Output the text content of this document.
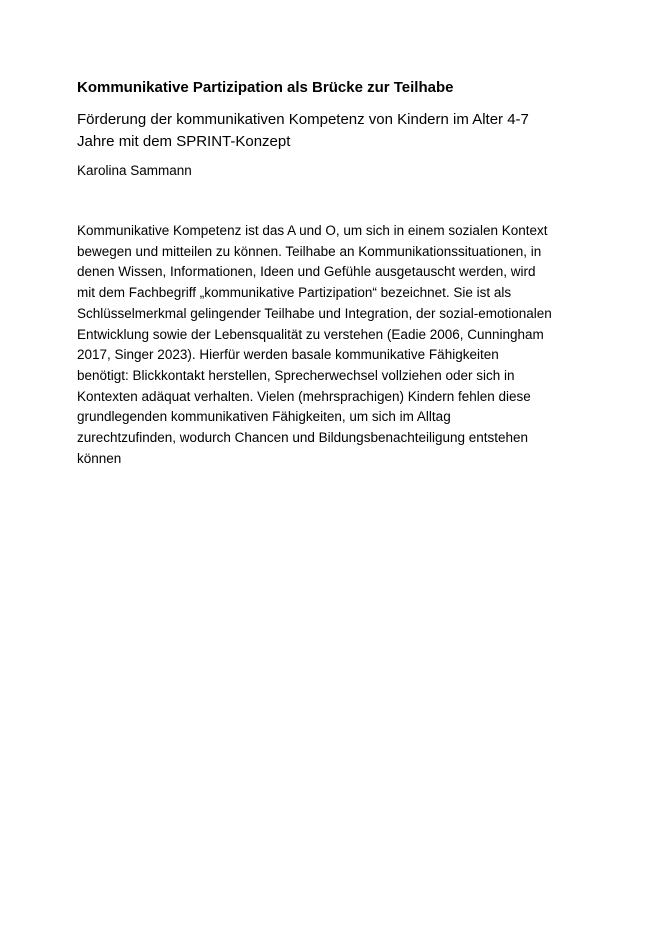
Kommunikative Partizipation als Brücke zur Teilhabe
Förderung der kommunikativen Kompetenz von Kindern im Alter 4-7
Jahre mit dem SPRINT-Konzept
Karolina Sammann
Kommunikative Kompetenz ist das A und O, um sich in einem sozialen Kontext
bewegen und mitteilen zu können. Teilhabe an Kommunikationssituationen, in
denen Wissen, Informationen, Ideen und Gefühle ausgetauscht werden, wird
mit dem Fachbegriff „kommunikative Partizipation“ bezeichnet. Sie ist als
Schlüsselmerkmal gelingender Teilhabe und Integration, der sozial-emotionalen
Entwicklung sowie der Lebensqualität zu verstehen (Eadie 2006, Cunningham
2017, Singer 2023). Hierfür werden basale kommunikative Fähigkeiten
benötigt: Blickkontakt herstellen, Sprecherwechsel vollziehen oder sich in
Kontexten adäquat verhalten. Vielen (mehrsprachigen) Kindern fehlen diese
grundlegenden kommunikativen Fähigkeiten, um sich im Alltag
zurechtzufinden, wodurch Chancen und Bildungsbenachteiligung entstehen
können
